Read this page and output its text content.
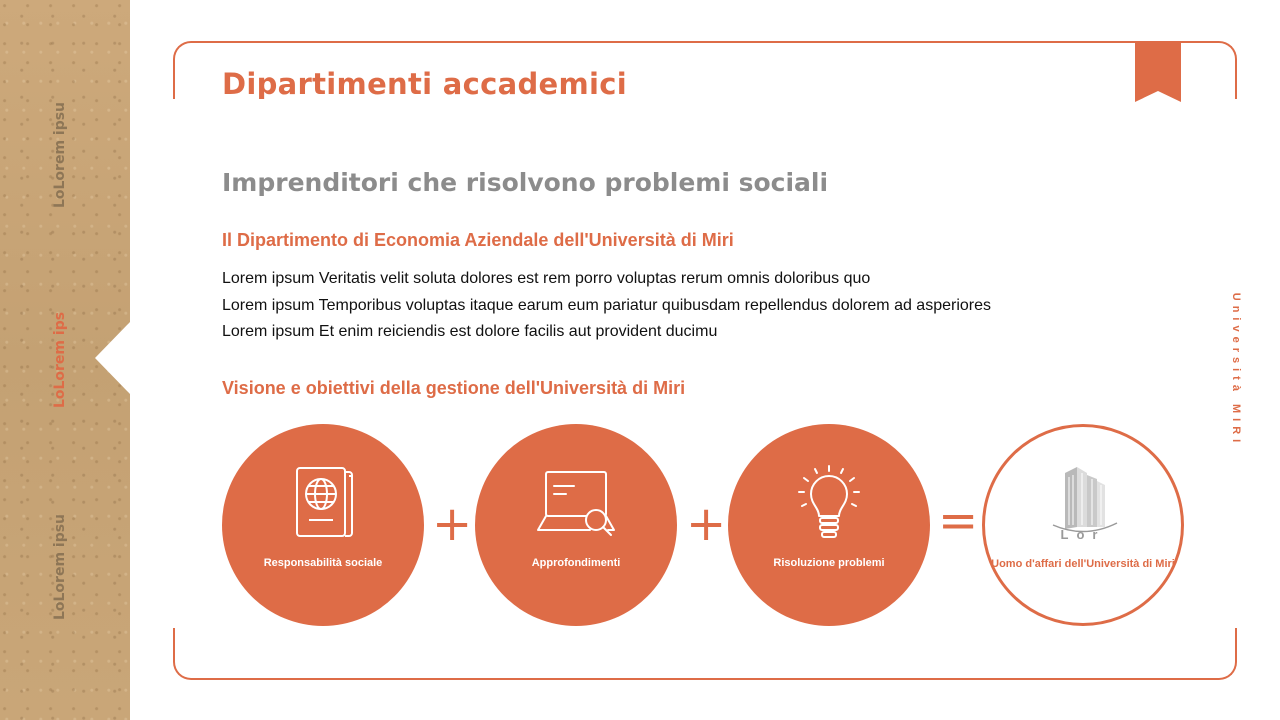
LoLorem ipsu
LoLorem ips
LoLorem ipsu
Dipartimenti accademici
Imprenditori che risolvono problemi sociali
Il Dipartimento di Economia Aziendale dell'Università di Miri

Lorem ipsum Veritatis velit soluta dolores est rem porro voluptas rerum omnis doloribus quo

Lorem ipsum Temporibus voluptas itaque earum eum pariatur quibusdam repellendus dolorem ad asperiores

Lorem ipsum Et enim reiciendis est dolore facilis aut provident ducimu

Visione e obiettivi della gestione dell'Università di Miri	Università MIRI
Responsabilità sociale
+
Approfondimenti
+
Risoluzione problemi
=	Lor
Uomo d'affari dell'Università di Miri
